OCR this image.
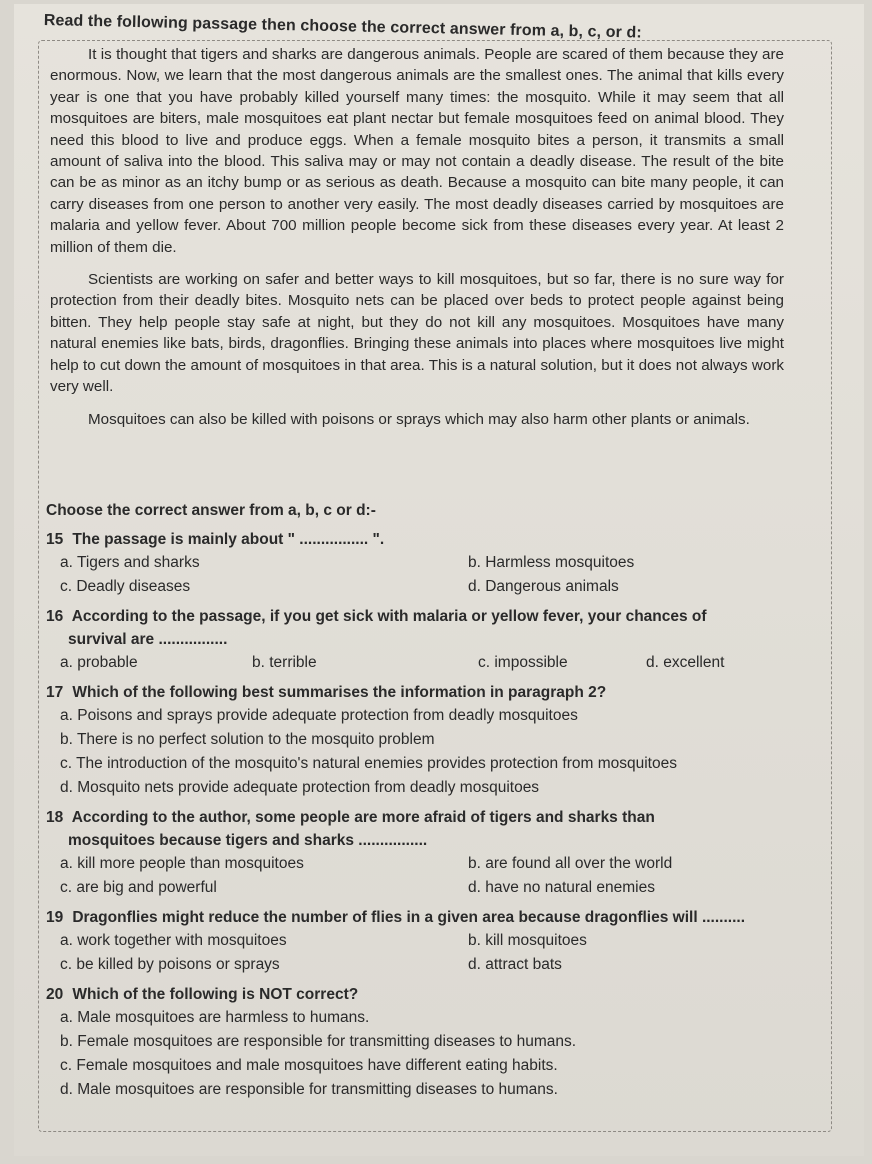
Read the following passage then choose the correct answer from a, b, c, or d:

It is thought that tigers and sharks are dangerous animals. People are scared of them because they are enormous. Now, we learn that the most dangerous animals are the smallest ones. The animal that kills every year is one that you have probably killed yourself many times: the mosquito. While it may seem that all mosquitoes are biters, male mosquitoes eat plant nectar but female mosquitoes feed on animal blood. They need this blood to live and produce eggs. When a female mosquito bites a person, it transmits a small amount of saliva into the blood. This saliva may or may not contain a deadly disease. The result of the bite can be as minor as an itchy bump or as serious as death. Because a mosquito can bite many people, it can carry diseases from one person to another very easily. The most deadly diseases carried by mosquitoes are malaria and yellow fever. About 700 million people become sick from these diseases every year. At least 2 million of them die.

Scientists are working on safer and better ways to kill mosquitoes, but so far, there is no sure way for protection from their deadly bites. Mosquito nets can be placed over beds to protect people against being bitten. They help people stay safe at night, but they do not kill any mosquitoes. Mosquitoes have many natural enemies like bats, birds, dragonflies. Bringing these animals into places where mosquitoes live might help to cut down the amount of mosquitoes in that area. This is a natural solution, but it does not always work very well.

Mosquitoes can also be killed with poisons or sprays which may also harm other plants or animals.

Choose the correct answer from a, b, c or d:-
15 The passage is mainly about " ................ ".
a. Tigers and sharks	b. Harmless mosquitoes
c. Deadly diseases	d. Dangerous animals
16 According to the passage, if you get sick with malaria or yellow fever, your chances of
survival are ................
a. probable	b. terrible	c. impossible	d. excellent
17 Which of the following best summarises the information in paragraph 2?
a. Poisons and sprays provide adequate protection from deadly mosquitoes
b. There is no perfect solution to the mosquito problem
c. The introduction of the mosquito's natural enemies provides protection from mosquitoes
d. Mosquito nets provide adequate protection from deadly mosquitoes
18 According to the author, some people are more afraid of tigers and sharks than
mosquitoes because tigers and sharks ................
a. kill more people than mosquitoes	b. are found all over the world
c. are big and powerful	d. have no natural enemies
19 Dragonflies might reduce the number of flies in a given area because dragonflies will ..........
a. work together with mosquitoes	b. kill mosquitoes
c. be killed by poisons or sprays	d. attract bats
20 Which of the following is NOT correct?
a. Male mosquitoes are harmless to humans.
b. Female mosquitoes are responsible for transmitting diseases to humans.
c. Female mosquitoes and male mosquitoes have different eating habits.
d. Male mosquitoes are responsible for transmitting diseases to humans.
